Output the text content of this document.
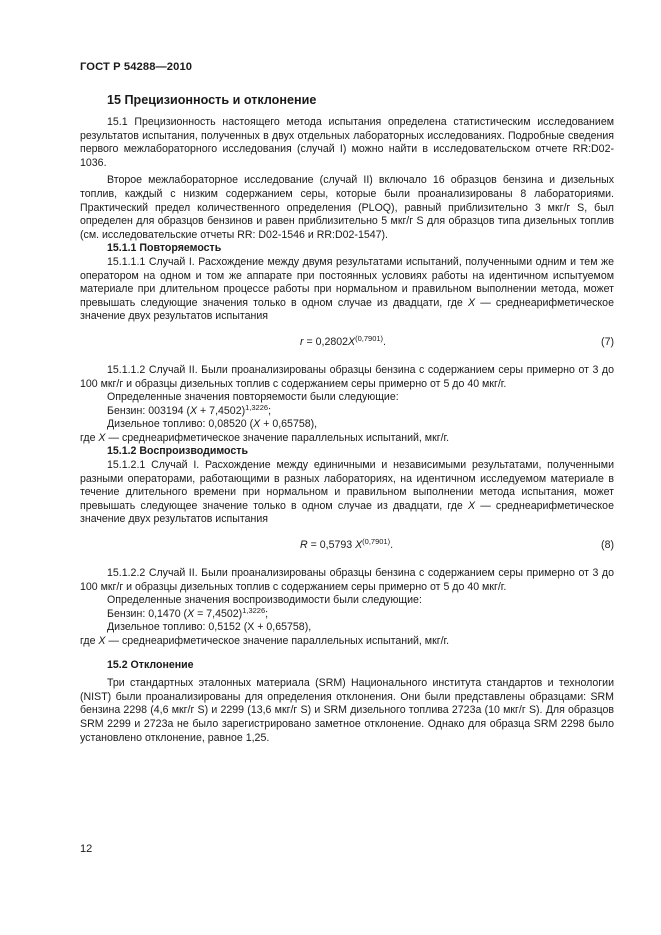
ГОСТ Р 54288—2010
15 Прецизионность и отклонение

15.1 Прецизионность настоящего метода испытания определена статистическим исследованием результатов испытания, полученных в двух отдельных лабораторных исследованиях. Подробные сведения первого межлабораторного исследования (случай I) можно найти в исследовательском отчете RR:D02-1036.

Второе межлабораторное исследование (случай II) включало 16 образцов бензина и дизельных топлив, каждый с низким содержанием серы, которые были проанализированы 8 лабораториями. Практический предел количественного определения (PLOQ), равный приблизительно 3 мкг/г S, был определен для образцов бензинов и равен приблизительно 5 мкг/г S для образцов типа дизельных топлив (см. исследовательские отчеты RR: D02-1546 и RR:D02-1547).

15.1.1 Повторяемость

15.1.1.1 Случай I. Расхождение между двумя результатами испытаний, полученными одним и тем же оператором на одном и том же аппарате при постоянных условиях работы на идентичном испытуемом материале при длительном процессе работы при нормальном и правильном выполнении метода, может превышать следующие значения только в одном случае из двадцати, где X — среднеарифметическое значение двух результатов испытания

$r = 0,2802X^{(0,7901)}$.	(7)

15.1.1.2 Случай II. Были проанализированы образцы бензина с содержанием серы примерно от 3 до 100 мкг/г и образцы дизельных топлив с содержанием серы примерно от 5 до 40 мкг/г.

Определенные значения повторяемости были следующие:

Бензин: 003194 $(X + 7,4502)^{1,3226}$;

Дизельное топливо: 0,08520 (X + 0,65758),

где X — среднеарифметическое значение параллельных испытаний, мкг/г.

15.1.2 Воспроизводимость

15.1.2.1 Случай I. Расхождение между единичными и независимыми результатами, полученными разными операторами, работающими в разных лабораториях, на идентичном исследуемом материале в течение длительного времени при нормальном и правильном выполнении метода испытания, может превышать следующее значение только в одном случае из двадцати, где X — среднеарифметическое значение двух результатов испытания

R = 0,5793 $X^{(0,7901)}$.	(8)

15.1.2.2 Случай II. Были проанализированы образцы бензина с содержанием серы примерно от 3 до 100 мкг/г и образцы дизельных топлив с содержанием серы примерно от 5 до 40 мкг/г.

Определенные значения воспроизводимости были следующие:

Бензин: 0,1470 (X = 7,4502)$^{1,3226}$;

Дизельное топливо: 0,5152 (X + 0,65758),

где X — среднеарифметическое значение параллельных испытаний, мкг/г.

15.2 Отклонение

Три стандартных эталонных материала (SRM) Национального института стандартов и технологии (NIST) были проанализированы для определения отклонения. Они были представлены образцами: SRM бензина 2298 (4,6 мкг/г S) и 2299 (13,6 мкг/г S) и SRM дизельного топлива 2723а (10 мкг/г S). Для образцов SRM 2299 и 2723а не было зарегистрировано заметное отклонение. Однако для образца SRM 2298 было установлено отклонение, равное 1,25.

12
